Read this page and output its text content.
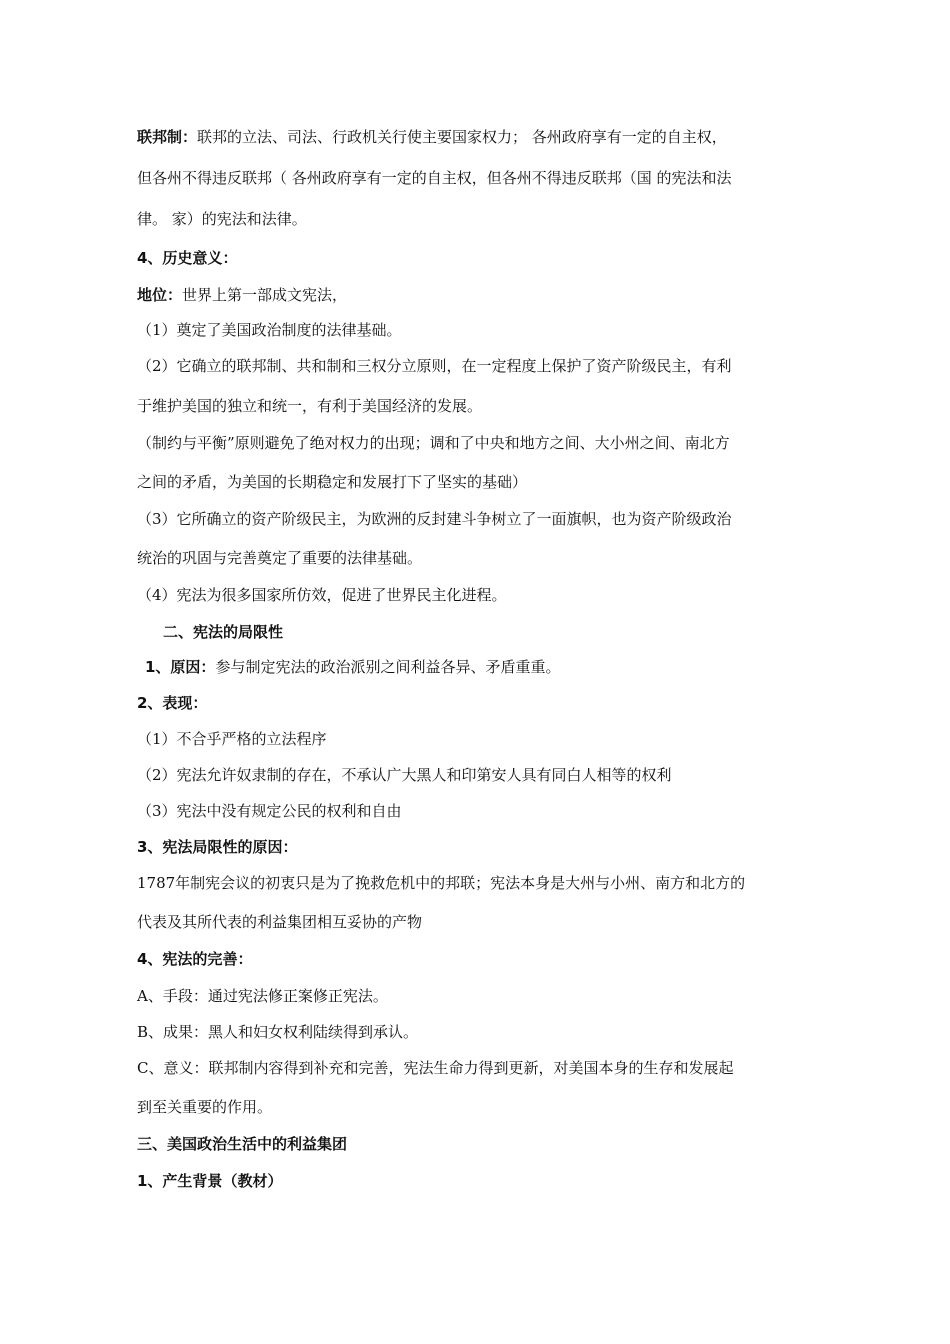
联邦制：联邦的立法、司法、行政机关行使主要国家权力； 各州政府享有一定的自主权，
但各州不得违反联邦（ 各州政府享有一定的自主权，但各州不得违反联邦（国 的宪法和法
律。 家）的宪法和法律。
4、历史意义：
地位：世界上第一部成文宪法，
（1）奠定了美国政治制度的法律基础。
（2）它确立的联邦制、共和制和三权分立原则，在一定程度上保护了资产阶级民主，有利
于维护美国的独立和统一，有利于美国经济的发展。
（制约与平衡”原则避免了绝对权力的出现；调和了中央和地方之间、大小州之间、南北方
之间的矛盾，为美国的长期稳定和发展打下了坚实的基础）
（3）它所确立的资产阶级民主，为欧洲的反封建斗争树立了一面旗帜，也为资产阶级政治
统治的巩固与完善奠定了重要的法律基础。
（4）宪法为很多国家所仿效，促进了世界民主化进程。
二、宪法的局限性
1、原因：参与制定宪法的政治派别之间利益各异、矛盾重重。
2、表现：
（1）不合乎严格的立法程序
（2）宪法允许奴隶制的存在，不承认广大黑人和印第安人具有同白人相等的权利
（3）宪法中没有规定公民的权利和自由
3、宪法局限性的原因：
1787年制宪会议的初衷只是为了挽救危机中的邦联；宪法本身是大州与小州、南方和北方的
代表及其所代表的利益集团相互妥协的产物
4、宪法的完善：
A、手段：通过宪法修正案修正宪法。
B、成果：黑人和妇女权利陆续得到承认。
C、意义：联邦制内容得到补充和完善，宪法生命力得到更新，对美国本身的生存和发展起
到至关重要的作用。
三、美国政治生活中的利益集团
1、产生背景（教材）
